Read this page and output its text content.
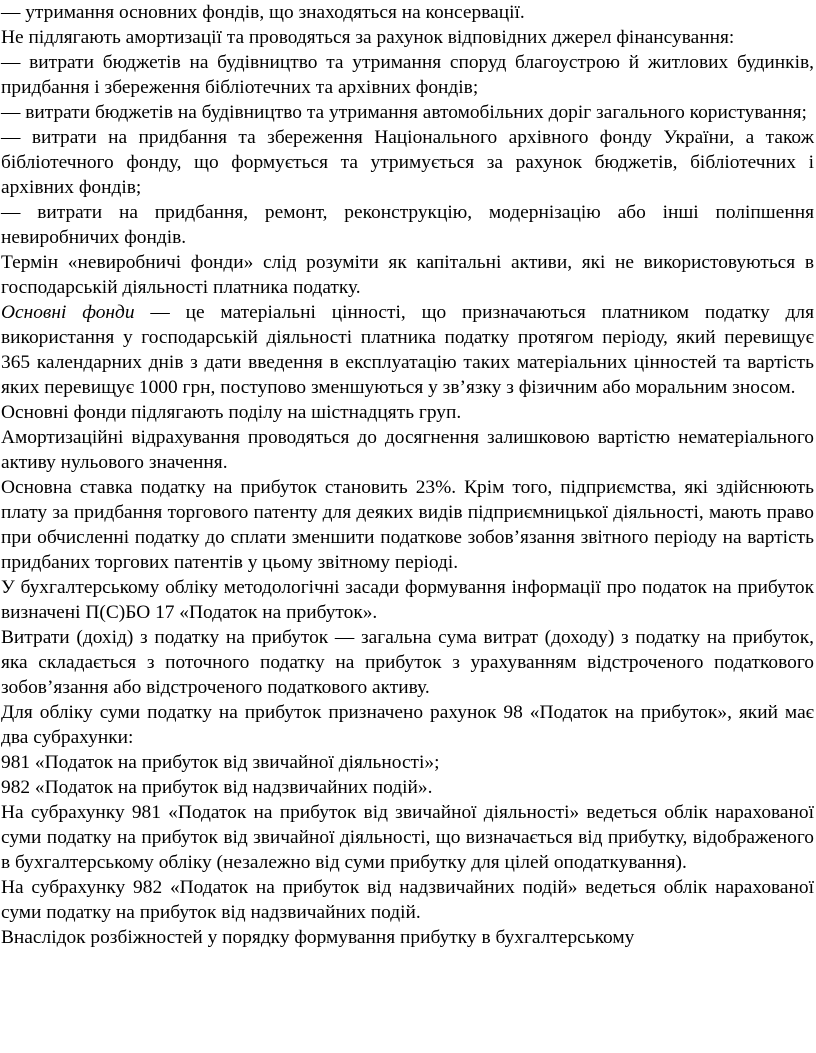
— утримання основних фондів, що знаходяться на консервації.

Не підлягають амортизації та проводяться за рахунок відповідних джерел фінансування:

— витрати бюджетів на будівництво та утримання споруд благоустрою й житлових будинків, придбання і збереження бібліотечних та архівних фондів;

— витрати бюджетів на будівництво та утримання автомобільних доріг загального користування;

— витрати на придбання та збереження Національного архівного фонду України, а також бібліотечного фонду, що формується та утримується за рахунок бюджетів, бібліотечних і архівних фондів;

— витрати на придбання, ремонт, реконструкцію, модернізацію або інші поліпшення невиробничих фондів.

Термін «невиробничі фонди» слід розуміти як капітальні активи, які не використовуються в господарській діяльності платника податку.

Основні фонди — це матеріальні цінності, що призначаються платником податку для використання у господарській діяльності платника податку протягом періоду, який перевищує 365 календарних днів з дати введення в експлуатацію таких матеріальних цінностей та вартість яких перевищує 1000 грн, поступово зменшуються у зв’язку з фізичним або моральним зносом.

Основні фонди підлягають поділу на шістнадцять груп.

Амортизаційні відрахування проводяться до досягнення залишковою вартістю нематеріального активу нульового значення.

Основна ставка податку на прибуток становить 23%. Крім того, підприємства, які здійснюють плату за придбання торгового патенту для деяких видів підприємницької діяльності, мають право при обчисленні податку до сплати зменшити податкове зобов’язання звітного періоду на вартість придбаних торгових патентів у цьому звітному періоді.

У бухгалтерському обліку методологічні засади формування інформації про податок на прибуток визначені П(С)БО 17 «Податок на прибуток».

Витрати (дохід) з податку на прибуток — загальна сума витрат (доходу) з податку на прибуток, яка складається з поточного податку на прибуток з урахуванням відстроченого податкового зобов’язання або відстроченого податкового активу.

Для обліку суми податку на прибуток призначено рахунок 98 «Податок на прибуток», який має два субрахунки:

981 «Податок на прибуток від звичайної діяльності»;

982 «Податок на прибуток від надзвичайних подій».

На субрахунку 981 «Податок на прибуток від звичайної діяльності» ведеться облік нарахованої суми податку на прибуток від звичайної діяльності, що визначається від прибутку, відображеного в бухгалтерському обліку (незалежно від суми прибутку для цілей оподаткування).

На субрахунку 982 «Податок на прибуток від надзвичайних подій» ведеться облік нарахованої суми податку на прибуток від надзвичайних подій.

Внаслідок розбіжностей у порядку формування прибутку в бухгалтерському
